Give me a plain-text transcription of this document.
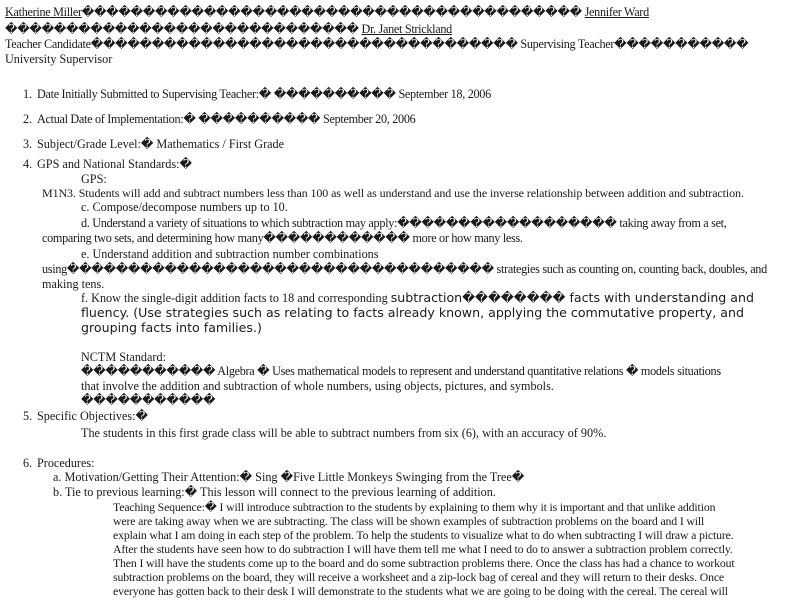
Katherine Miller����������������������������������������� Jennifer Ward
����������������������������� Dr. Janet Strickland
Teacher Candidate����������������������������������� Supervising Teacher�����������
University Supervisor
1. Date Initially Submitted to Supervising Teacher:� ���������� September 18, 2006
2. Actual Date of Implementation:� ���������� September 20, 2006
3. Subject/Grade Level:� Mathematics / First Grade
4. GPS and National Standards:�
GPS:
M1N3. Students will add and subtract numbers less than 100 as well as understand and use the inverse relationship between addition and subtraction.
c. Compose/decompose numbers up to 10.
d. Understand a variety of situations to which subtraction may apply:������������������ taking away from a set,
comparing two sets, and determining how many������������ more or how many less.
e. Understand addition and subtraction number combinations
using����������������������������������� strategies such as counting on, counting back, doubles, and
making tens.
f. Know the single-digit addition facts to 18 and corresponding subtraction�������� facts with understanding and
fluency. (Use strategies such as relating to facts already known, applying the commutative property, and
grouping facts into families.)
NCTM Standard:
����������� Algebra � Uses mathematical models to represent and understand quantitative relations � models situations
that involve the addition and subtraction of whole numbers, using objects, pictures, and symbols.
�����������
5. Specific Objectives:�
The students in this first grade class will be able to subtract numbers from six (6), with an accuracy of 90%.
6. Procedures:
a. Motivation/Getting Their Attention:� Sing �Five Little Monkeys Swinging from the Tree�
b. Tie to previous learning:� This lesson will connect to the previous learning of addition.
Teaching Sequence:� I will introduce subtraction to the students by explaining to them why it is important and that unlike addition
were are taking away when we are subtracting. The class will be shown examples of subtraction problems on the board and I will
explain what I am doing in each step of the problem. To help the students to visualize what to do when subtracting I will draw a picture.
After the students have seen how to do subtraction I will have them tell me what I need to do to answer a subtraction problem correctly.
Then I will have the students come up to the board and do some subtraction problems there. Once the class has had a chance to workout
subtraction problems on the board, they will receive a worksheet and a zip-lock bag of cereal and they will return to their desks. Once
everyone has gotten back to their desk I will demonstrate to the students what we are going to be doing with the cereal. The cereal will
